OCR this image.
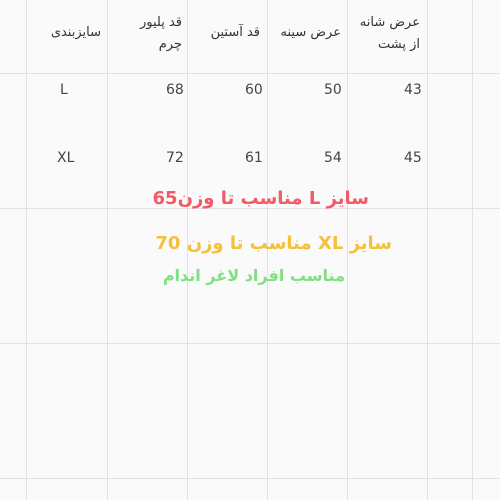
عرض شانه
از پشت
عرض سینه
قد آستین
قد پلیور
چرم
سایزبندی
43
50
60
68
L
45
54
61
72
XL
سایز L مناسب تا وزن65
سایز XL مناسب تا وزن 70
مناسب افراد لاغر اندام
